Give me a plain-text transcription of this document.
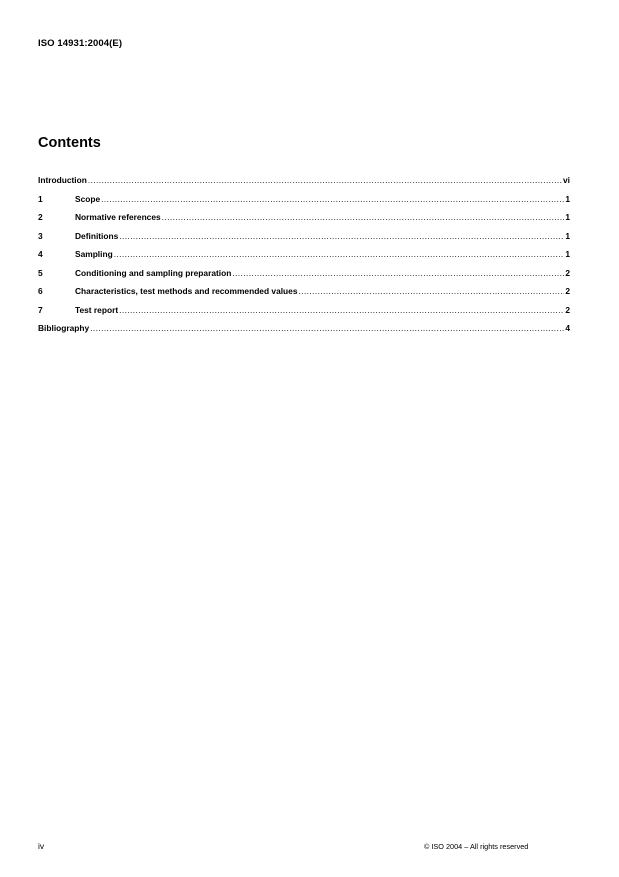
ISO 14931:2004(E)
Contents
Introduction .....	vi
1	Scope .....	1
2	Normative references .....	1
3	Definitions .....	1
4	Sampling .....	1
5	Conditioning and sampling preparation .....	2
6	Characteristics, test methods and recommended values .....	2
7	Test report .....	2
Bibliography .....	4
iv	© ISO 2004 – All rights reserved
